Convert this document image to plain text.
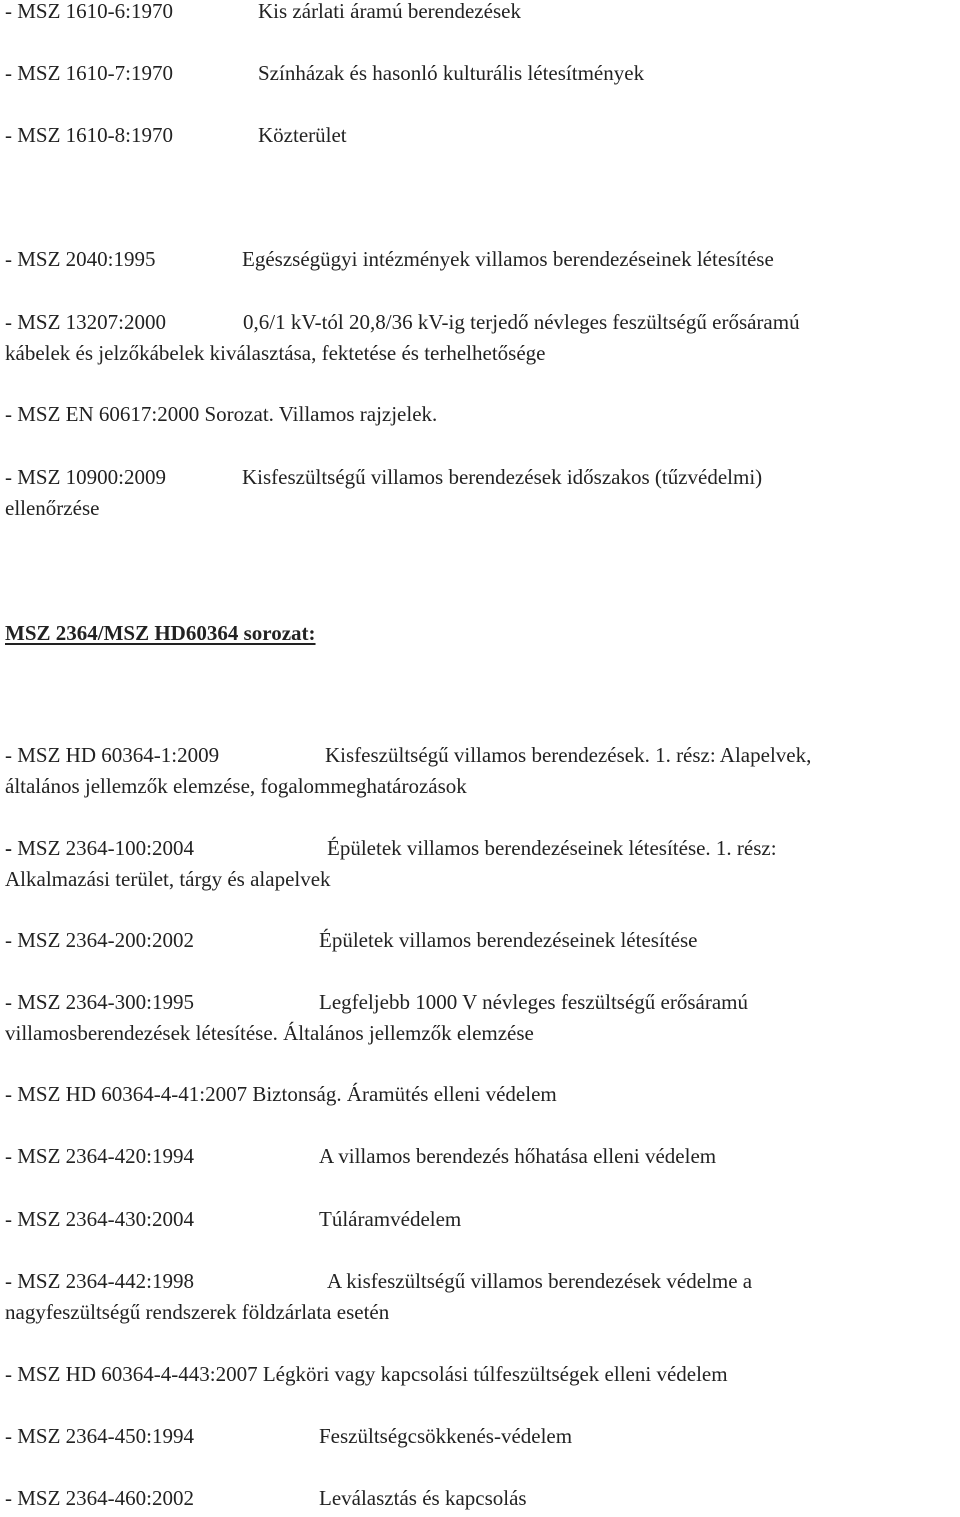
- MSZ 1610-6:1970	Kis zárlati áramú berendezések
- MSZ 1610-7:1970	Színházak és hasonló kulturális létesítmények
- MSZ 1610-8:1970	Közterület
- MSZ 2040:1995	Egészségügyi intézmények villamos berendezéseinek létesítése
- MSZ 13207:2000	0,6/1 kV-tól 20,8/36 kV-ig terjedő névleges feszültségű erősáramú
kábelek és jelzőkábelek kiválasztása, fektetése és terhelhetősége
- MSZ EN 60617:2000 Sorozat. Villamos rajzjelek.
- MSZ 10900:2009	Kisfeszültségű villamos berendezések időszakos (tűzvédelmi)
ellenőrzése
MSZ 2364/MSZ HD60364 sorozat:
- MSZ HD 60364-1:2009	Kisfeszültségű villamos berendezések. 1. rész: Alapelvek,
általános jellemzők elemzése, fogalommeghatározások
- MSZ 2364-100:2004	Épületek villamos berendezéseinek létesítése. 1. rész:
Alkalmazási terület, tárgy és alapelvek
- MSZ 2364-200:2002	Épületek villamos berendezéseinek létesítése
- MSZ 2364-300:1995	Legfeljebb 1000 V névleges feszültségű erősáramú
villamosberendezések létesítése. Általános jellemzők elemzése
- MSZ HD 60364-4-41:2007 Biztonság. Áramütés elleni védelem
- MSZ 2364-420:1994	A villamos berendezés hőhatása elleni védelem
- MSZ 2364-430:2004	Túláramvédelem
- MSZ 2364-442:1998	A kisfeszültségű villamos berendezések védelme a
nagyfeszültségű rendszerek földzárlata esetén
- MSZ HD 60364-4-443:2007 Légköri vagy kapcsolási túlfeszültségek elleni védelem
- MSZ 2364-450:1994	Feszültségcsökkenés-védelem
- MSZ 2364-460:2002	Leválasztás és kapcsolás
